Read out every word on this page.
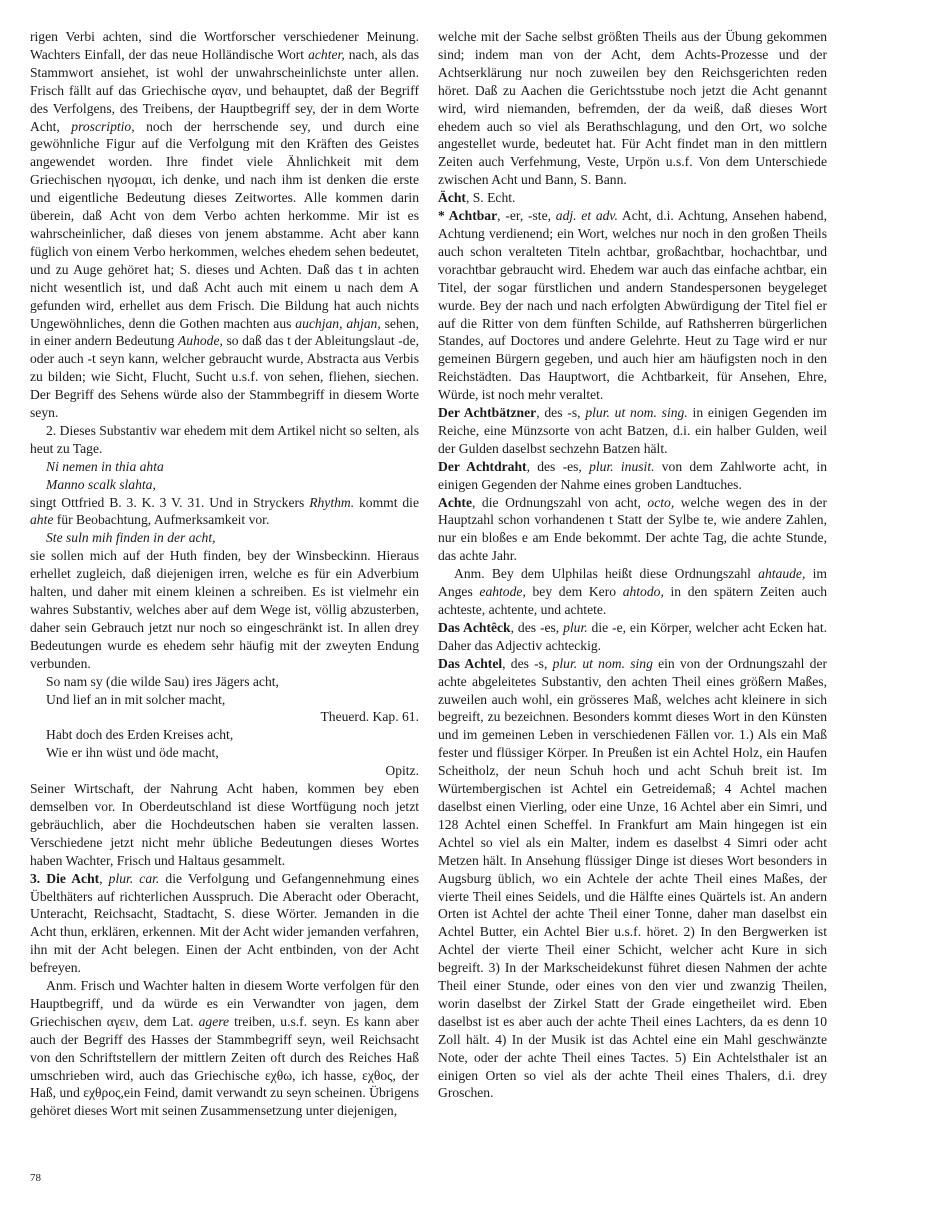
rigen Verbi achten, sind die Wortforscher verschiedener Meinung. Wachters Einfall, der das neue Holländische Wort achter, nach, als das Stammwort ansiehet, ist wohl der unwahrscheinlichste unter allen. Frisch fällt auf das Griechische αγαν, und behauptet, daß der Begriff des Verfolgens, des Treibens, der Hauptbegriff sey, der in dem Worte Acht, proscriptio, noch der herrschende sey, und durch eine gewöhnliche Figur auf die Verfolgung mit den Kräften des Geistes angewendet worden. Ihre findet viele Ähnlichkeit mit dem Griechischen ηγσομαι, ich denke, und nach ihm ist denken die erste und eigentliche Bedeutung dieses Zeitwortes. Alle kommen darin überein, daß Acht von dem Verbo achten herkomme. Mir ist es wahrscheinlicher, daß dieses von jenem abstamme. Acht aber kann füglich von einem Verbo herkommen, welches ehedem sehen bedeutet, und zu Auge gehöret hat; S. dieses und Achten. Daß das t in achten nicht wesentlich ist, und daß Acht auch mit einem u nach dem A gefunden wird, erhellet aus dem Frisch. Die Bildung hat auch nichts Ungewöhnliches, denn die Gothen machten aus auchjan, ahjan, sehen, in einer andern Bedeutung Auhode, so daß das t der Ableitungslaut -de, oder auch -t seyn kann, welcher gebraucht wurde, Abstracta aus Verbis zu bilden; wie Sicht, Flucht, Sucht u.s.f. von sehen, fliehen, siechen. Der Begriff des Sehens würde also der Stammbegriff in diesem Worte seyn.

2. Dieses Substantiv war ehedem mit dem Artikel nicht so selten, als heut zu Tage.

Ni nemen in thia ahta

Manno scalk slahta,

singt Ottfried B. 3. K. 3 V. 31. Und in Stryckers Rhythm. kommt die ahte für Beobachtung, Aufmerksamkeit vor.

Ste suln mih finden in der acht,

sie sollen mich auf der Huth finden, bey der Winsbeckinn. Hieraus erhellet zugleich, daß diejenigen irren, welche es für ein Adverbium halten, und daher mit einem kleinen a schreiben. Es ist vielmehr ein wahres Substantiv, welches aber auf dem Wege ist, völlig abzusterben, daher sein Gebrauch jetzt nur noch so eingeschränkt ist. In allen drey Bedeutungen wurde es ehedem sehr häufig mit der zweyten Endung verbunden.

So nam sy (die wilde Sau) ires Jägers acht,

Und lief an in mit solcher macht,

Theuerd. Kap. 61.

Habt doch des Erden Kreises acht,

Wie er ihn wüst und öde macht,

Opitz.

Seiner Wirtschaft, der Nahrung Acht haben, kommen bey eben demselben vor. In Oberdeutschland ist diese Wortfügung noch jetzt gebräuchlich, aber die Hochdeutschen haben sie veralten lassen. Verschiedene jetzt nicht mehr übliche Bedeutungen dieses Wortes haben Wachter, Frisch und Haltaus gesammelt.

3. Die Acht, plur. car. die Verfolgung und Gefangennehmung eines Übelthäters auf richterlichen Ausspruch. Die Aberacht oder Oberacht, Unteracht, Reichsacht, Stadtacht, S. diese Wörter. Jemanden in die Acht thun, erklären, erkennen. Mit der Acht wider jemanden verfahren, ihn mit der Acht belegen. Einen der Acht entbinden, von der Acht befreyen.

Anm. Frisch und Wachter halten in diesem Worte verfolgen für den Hauptbegriff, und da würde es ein Verwandter von jagen, dem Griechischen αγειν, dem Lat. agere treiben, u.s.f. seyn. Es kann aber auch der Begriff des Hasses der Stammbegriff seyn, weil Reichsacht von den Schriftstellern der mittlern Zeiten oft durch des Reiches Haß umschrieben wird, auch das Griechische εχθω, ich hasse, εχθος, der Haß, und εχθρος,ein Feind, damit verwandt zu seyn scheinen. Übrigens gehöret dieses Wort mit seinen Zusammensetzung unter diejenigen,

welche mit der Sache selbst größten Theils aus der Übung gekommen sind; indem man von der Acht, dem Achts-Prozesse und der Achtserklärung nur noch zuweilen bey den Reichsgerichten reden höret. Daß zu Aachen die Gerichtsstube noch jetzt die Acht genannt wird, wird niemanden, befremden, der da weiß, daß dieses Wort ehedem auch so viel als Berathschlagung, und den Ort, wo solche angestellet wurde, bedeutet hat. Für Acht findet man in den mittlern Zeiten auch Verfehmung, Veste, Urpön u.s.f. Von dem Unterschiede zwischen Acht und Bann, S. Bann.

Ächt, S. Echt.

* Achtbar, -er, -ste, adj. et adv. Acht, d.i. Achtung, Ansehen habend, Achtung verdienend; ein Wort, welches nur noch in den großen Theils auch schon veralteten Titeln achtbar, großachtbar, hochachtbar, und vorachtbar gebraucht wird. Ehedem war auch das einfache achtbar, ein Titel, der sogar fürstlichen und andern Standespersonen beygeleget wurde. Bey der nach und nach erfolgten Abwürdigung der Titel fiel er auf die Ritter von dem fünften Schilde, auf Rathsherren bürgerlichen Standes, auf Doctores und andere Gelehrte. Heut zu Tage wird er nur gemeinen Bürgern gegeben, und auch hier am häufigsten noch in den Reichstädten. Das Hauptwort, die Achtbarkeit, für Ansehen, Ehre, Würde, ist noch mehr veraltet.

Der Achtbätzner, des -s, plur. ut nom. sing. in einigen Gegenden im Reiche, eine Münzsorte von acht Batzen, d.i. ein halber Gulden, weil der Gulden daselbst sechzehn Batzen hält.

Der Achtdraht, des -es, plur. inusit. von dem Zahlworte acht, in einigen Gegenden der Nahme eines groben Landtuches.

Achte, die Ordnungszahl von acht, octo, welche wegen des in der Hauptzahl schon vorhandenen t Statt der Sylbe te, wie andere Zahlen, nur ein bloßes e am Ende bekommt. Der achte Tag, die achte Stunde, das achte Jahr.

Anm. Bey dem Ulphilas heißt diese Ordnungszahl ahtaude, im Anges eahtode, bey dem Kero ahtodo, in den spätern Zeiten auch achteste, achtente, und achtete.

Das Achtêck, des -es, plur. die -e, ein Körper, welcher acht Ecken hat. Daher das Adjectiv achteckig.

Das Achtel, des -s, plur. ut nom. sing ein von der Ordnungszahl der achte abgeleitetes Substantiv, den achten Theil eines größern Maßes, zuweilen auch wohl, ein grösseres Maß, welches acht kleinere in sich begreift, zu bezeichnen. Besonders kommt dieses Wort in den Künsten und im gemeinen Leben in verschiedenen Fällen vor. 1.) Als ein Maß fester und flüssiger Körper. In Preußen ist ein Achtel Holz, ein Haufen Scheitholz, der neun Schuh hoch und acht Schuh breit ist. Im Würtembergischen ist Achtel ein Getreidemaß; 4 Achtel machen daselbst einen Vierling, oder eine Unze, 16 Achtel aber ein Simri, und 128 Achtel einen Scheffel. In Frankfurt am Main hingegen ist ein Achtel so viel als ein Malter, indem es daselbst 4 Simri oder acht Metzen hält. In Ansehung flüssiger Dinge ist dieses Wort besonders in Augsburg üblich, wo ein Achtele der achte Theil eines Maßes, der vierte Theil eines Seidels, und die Hälfte eines Quärtels ist. An andern Orten ist Achtel der achte Theil einer Tonne, daher man daselbst ein Achtel Butter, ein Achtel Bier u.s.f. höret. 2) In den Bergwerken ist Achtel der vierte Theil einer Schicht, welcher acht Kure in sich begreift. 3) In der Markscheidekunst führet diesen Nahmen der achte Theil einer Stunde, oder eines von den vier und zwanzig Theilen, worin daselbst der Zirkel Statt der Grade eingetheilet wird. Eben daselbst ist es aber auch der achte Theil eines Lachters, da es denn 10 Zoll hält. 4) In der Musik ist das Achtel eine ein Mahl geschwänzte Note, oder der achte Theil eines Tactes. 5) Ein Achtelsthaler ist an einigen Orten so viel als der achte Theil eines Thalers, d.i. drey Groschen.

78
